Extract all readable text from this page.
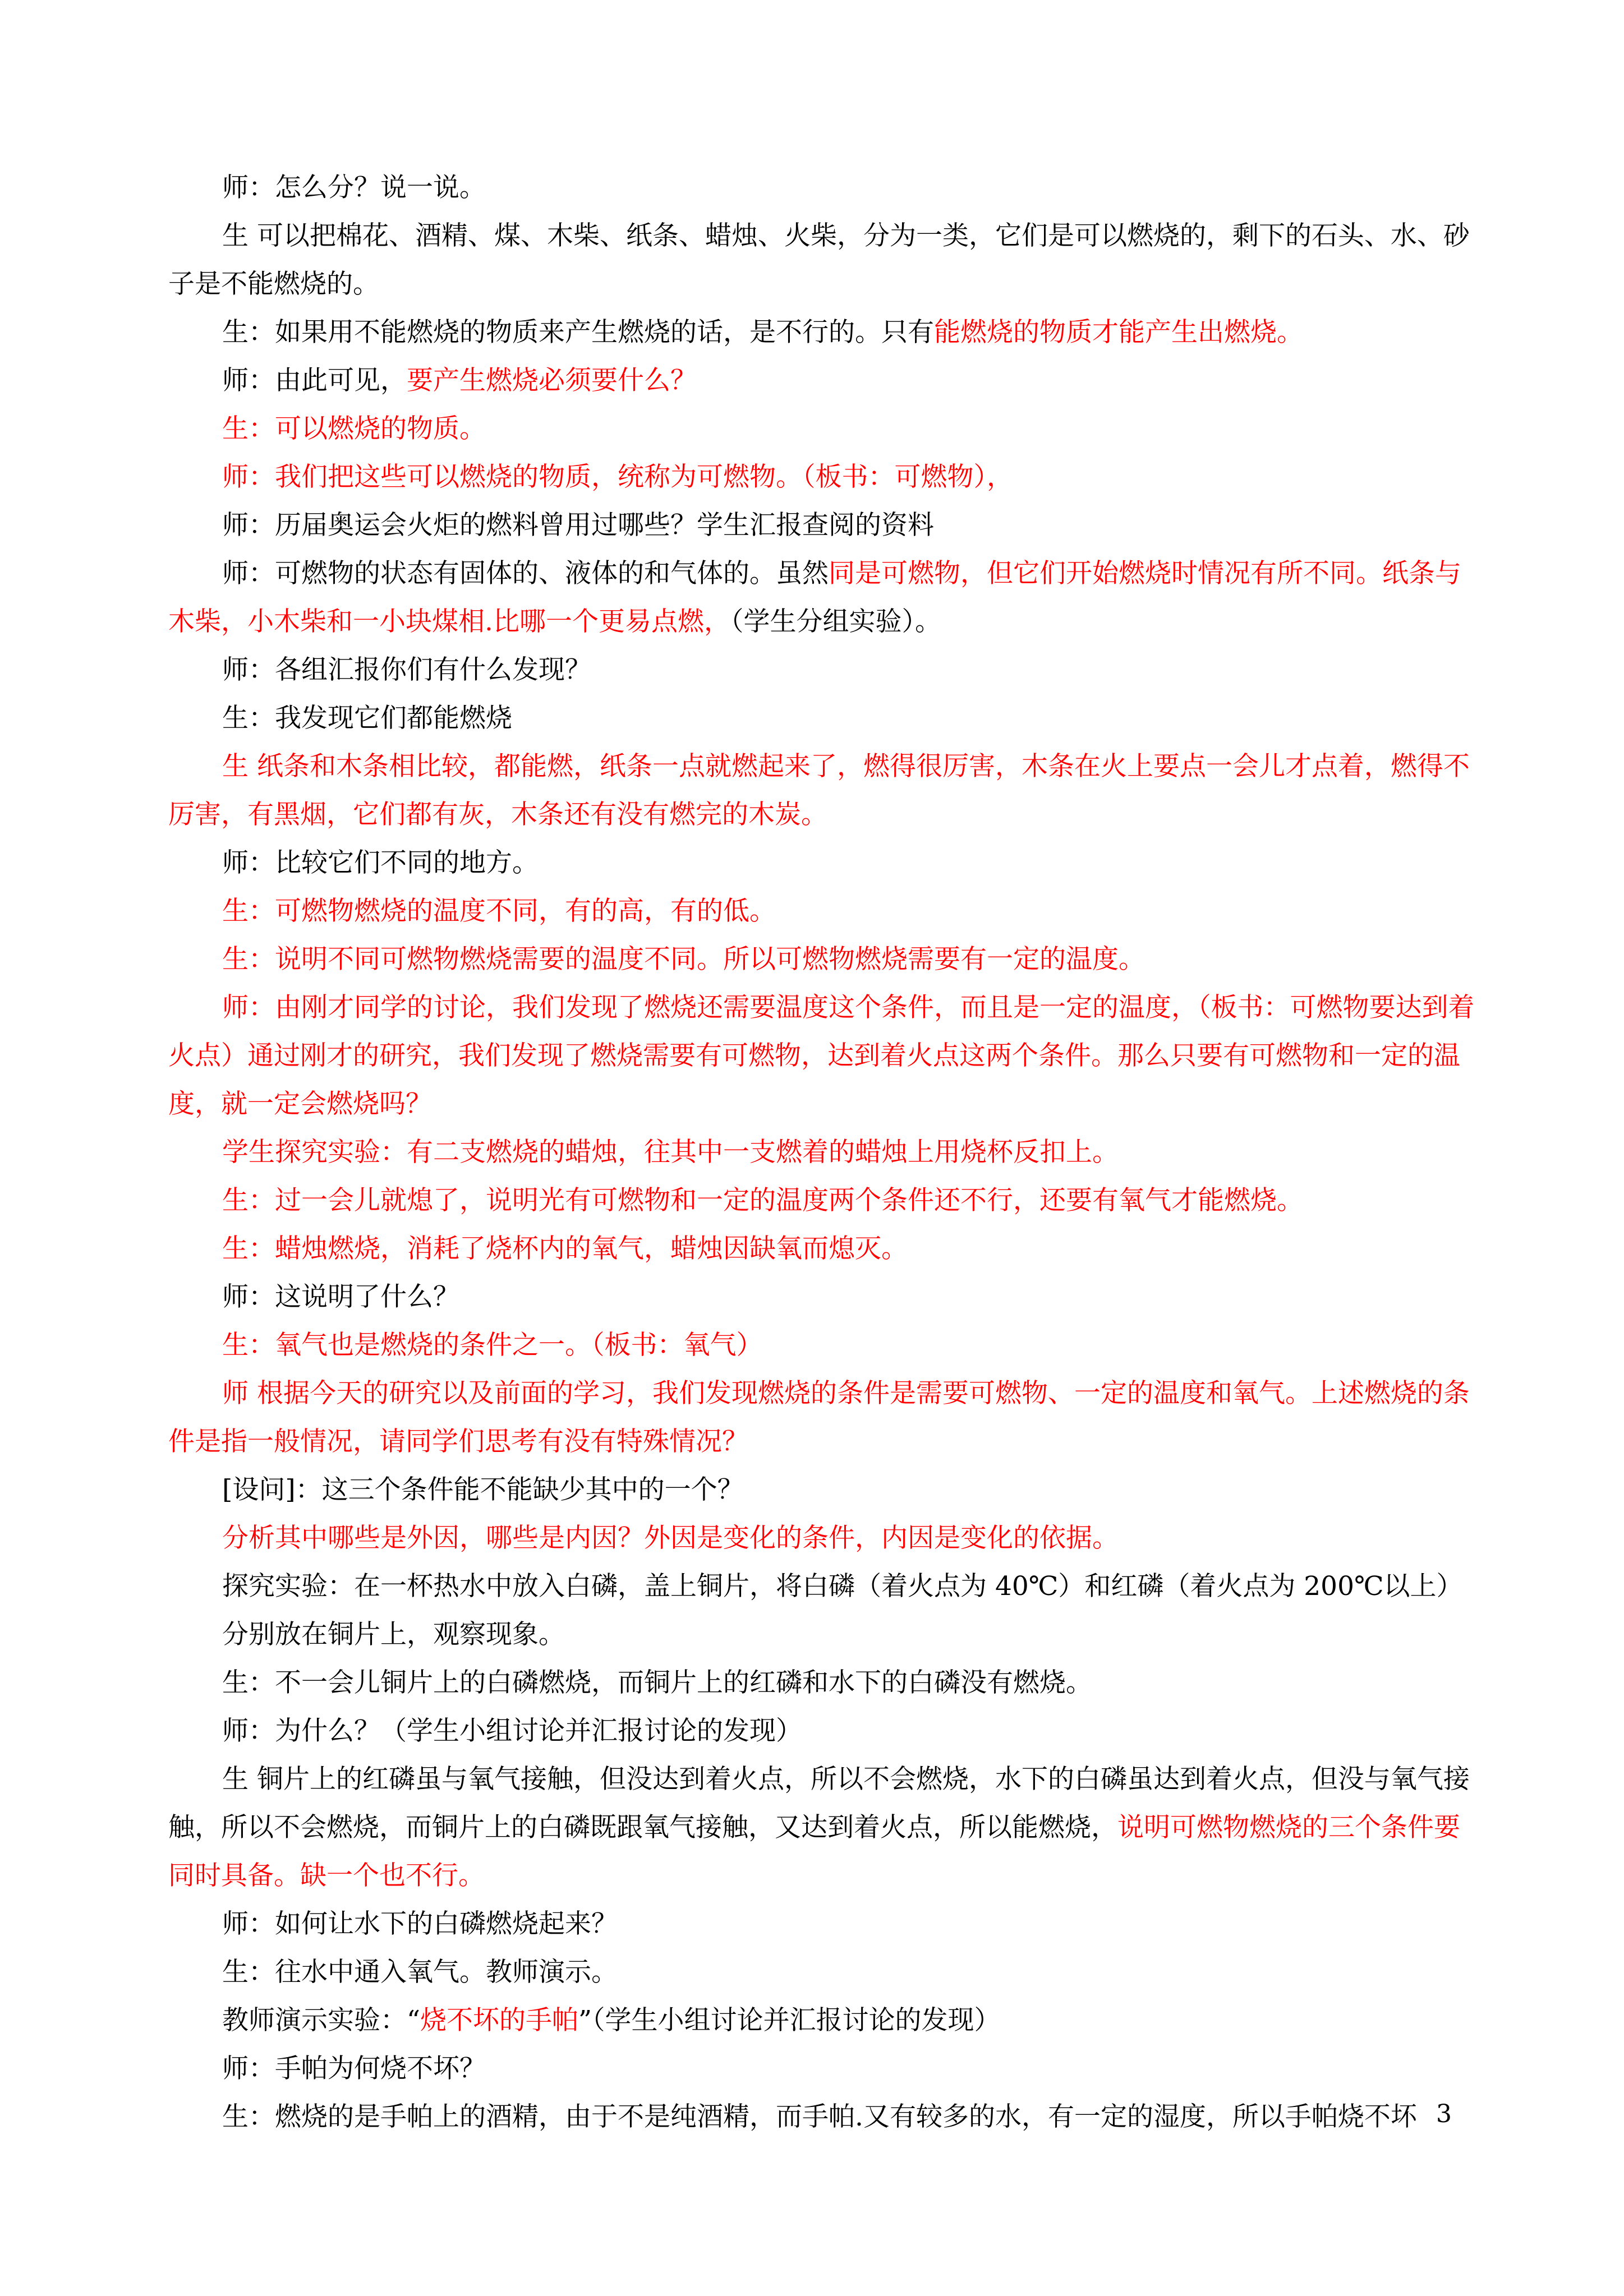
师：怎么分？说一说。

生 可以把棉花、酒精、煤、木柴、纸条、蜡烛、火柴，分为一类，它们是可以燃烧的，剩下的石头、水、砂子是不能燃烧的。

生：如果用不能燃烧的物质来产生燃烧的话，是不行的。只有能燃烧的物质才能产生出燃烧。

师：由此可见，要产生燃烧必须要什么？

生：可以燃烧的物质。

师：我们把这些可以燃烧的物质，统称为可燃物。（板书：可燃物），

师：历届奥运会火炬的燃料曾用过哪些？学生汇报查阅的资料

师：可燃物的状态有固体的、液体的和气体的。虽然同是可燃物，但它们开始燃烧时情况有所不同。纸条与木柴，小木柴和一小块煤相.比哪一个更易点燃，（学生分组实验）。

师：各组汇报你们有什么发现？

生：我发现它们都能燃烧

生 纸条和木条相比较，都能燃，纸条一点就燃起来了，燃得很厉害，木条在火上要点一会儿才点着，燃得不厉害，有黑烟，它们都有灰，木条还有没有燃完的木炭。

师：比较它们不同的地方。

生：可燃物燃烧的温度不同，有的高，有的低。

生：说明不同可燃物燃烧需要的温度不同。所以可燃物燃烧需要有一定的温度。

师：由刚才同学的讨论，我们发现了燃烧还需要温度这个条件，而且是一定的温度，（板书：可燃物要达到着火点）通过刚才的研究，我们发现了燃烧需要有可燃物，达到着火点这两个条件。那么只要有可燃物和一定的温度，就一定会燃烧吗？

学生探究实验：有二支燃烧的蜡烛，往其中一支燃着的蜡烛上用烧杯反扣上。

生：过一会儿就熄了，说明光有可燃物和一定的温度两个条件还不行，还要有氧气才能燃烧。

生：蜡烛燃烧，消耗了烧杯内的氧气，蜡烛因缺氧而熄灭。

师：这说明了什么？

生：氧气也是燃烧的条件之一。（板书：氧气）

师 根据今天的研究以及前面的学习，我们发现燃烧的条件是需要可燃物、一定的温度和氧气。上述燃烧的条件是指一般情况，请同学们思考有没有特殊情况？

[设问]：这三个条件能不能缺少其中的一个？

分析其中哪些是外因，哪些是内因？外因是变化的条件，内因是变化的依据。

探究实验：在一杯热水中放入白磷，盖上铜片，将白磷（着火点为 40℃）和红磷（着火点为 200℃以上）分别放在铜片上，观察现象。

生：不一会儿铜片上的白磷燃烧，而铜片上的红磷和水下的白磷没有燃烧。

师：为什么？（学生小组讨论并汇报讨论的发现）

生 铜片上的红磷虽与氧气接触，但没达到着火点，所以不会燃烧，水下的白磷虽达到着火点，但没与氧气接触，所以不会燃烧，而铜片上的白磷既跟氧气接触，又达到着火点，所以能燃烧，说明可燃物燃烧的三个条件要同时具备。缺一个也不行。

师：如何让水下的白磷燃烧起来？

生：往水中通入氧气。教师演示。

教师演示实验：“烧不坏的手帕”（学生小组讨论并汇报讨论的发现）

师：手帕为何烧不坏？

生：燃烧的是手帕上的酒精，由于不是纯酒精，而手帕.又有较多的水，有一定的湿度，所以手帕烧不坏 3
